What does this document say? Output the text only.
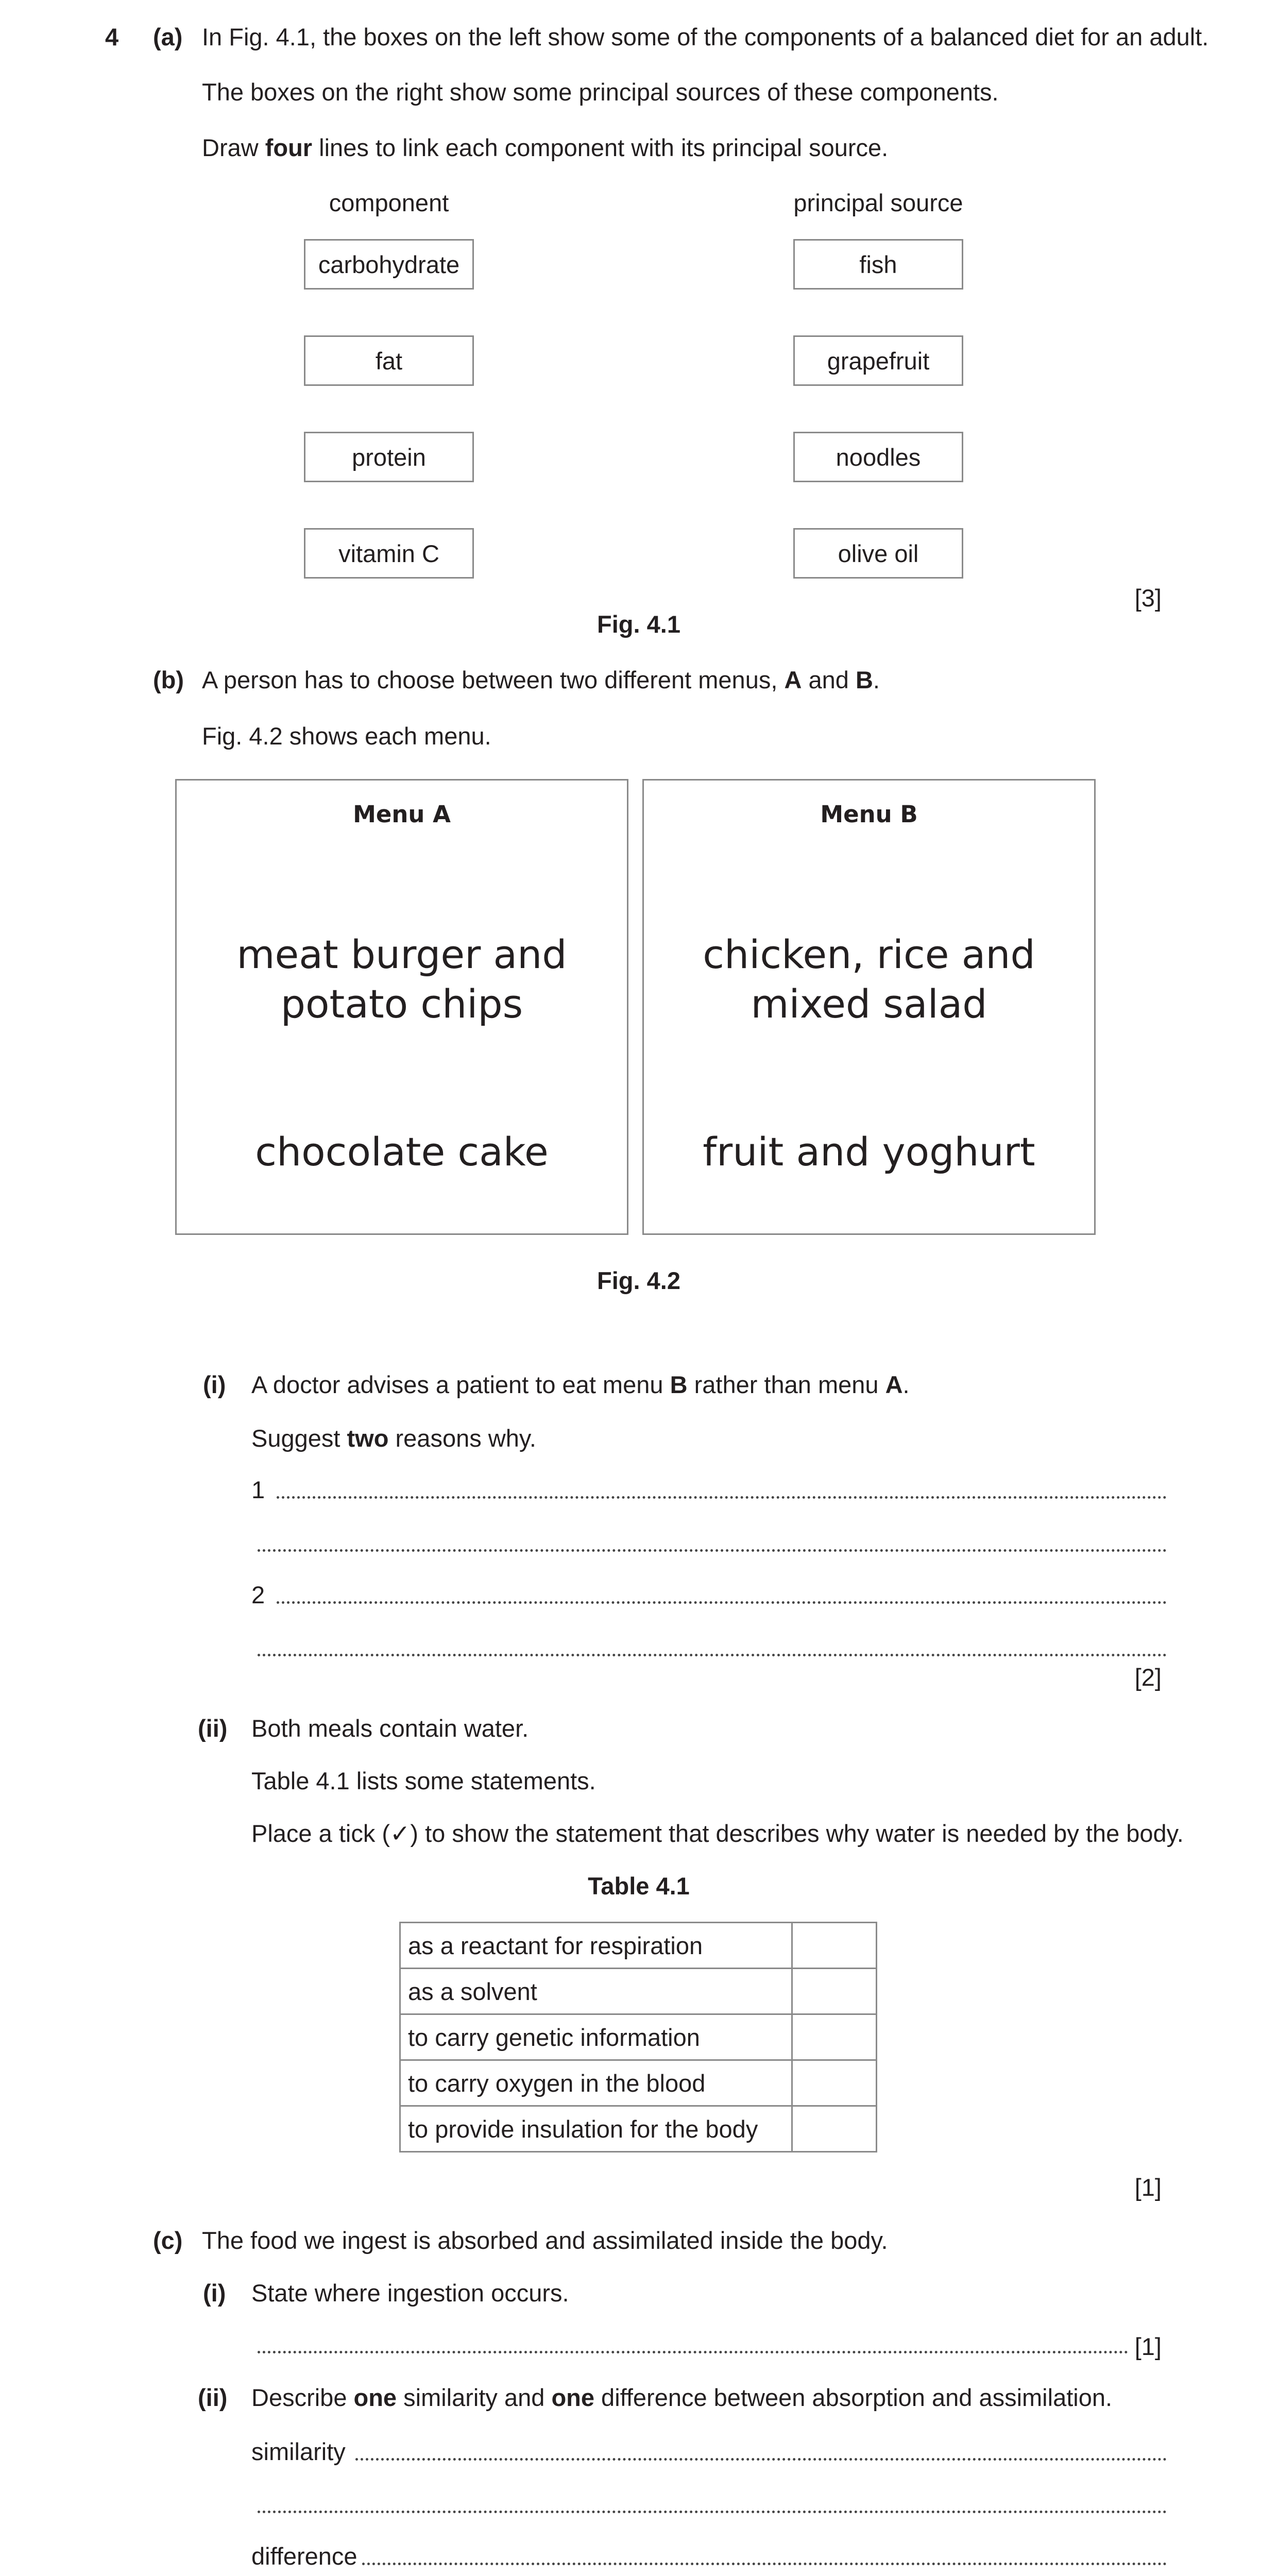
4 (a) In Fig. 4.1, the boxes on the left show some of the components of a balanced diet for an adult.
The boxes on the right show some principal sources of these components.
Draw four lines to link each component with its principal source.
component	principal source
carbohydrate
fat
protein
vitamin C
fish
grapefruit
noodles
olive oil
[3]
Fig. 4.1
(b) A person has to choose between two different menus, A and B.
Fig. 4.2 shows each menu.
Menu A
meat burger and
potato chips
chocolate cake
Menu B
chicken, rice and
mixed salad
fruit and yoghurt
Fig. 4.2
(i) A doctor advises a patient to eat menu B rather than menu A.
Suggest two reasons why.
1
2
[2]
(ii) Both meals contain water.
Table 4.1 lists some statements.
Place a tick (✓) to show the statement that describes why water is needed by the body.
Table 4.1
as a reactant for respiration	
as a solvent	
to carry genetic information	
to carry oxygen in the blood	
to provide insulation for the body	
[1]
(c) The food we ingest is absorbed and assimilated inside the body.
(i) State where ingestion occurs.
[1]
(ii) Describe one similarity and one difference between absorption and assimilation.
similarity
difference
